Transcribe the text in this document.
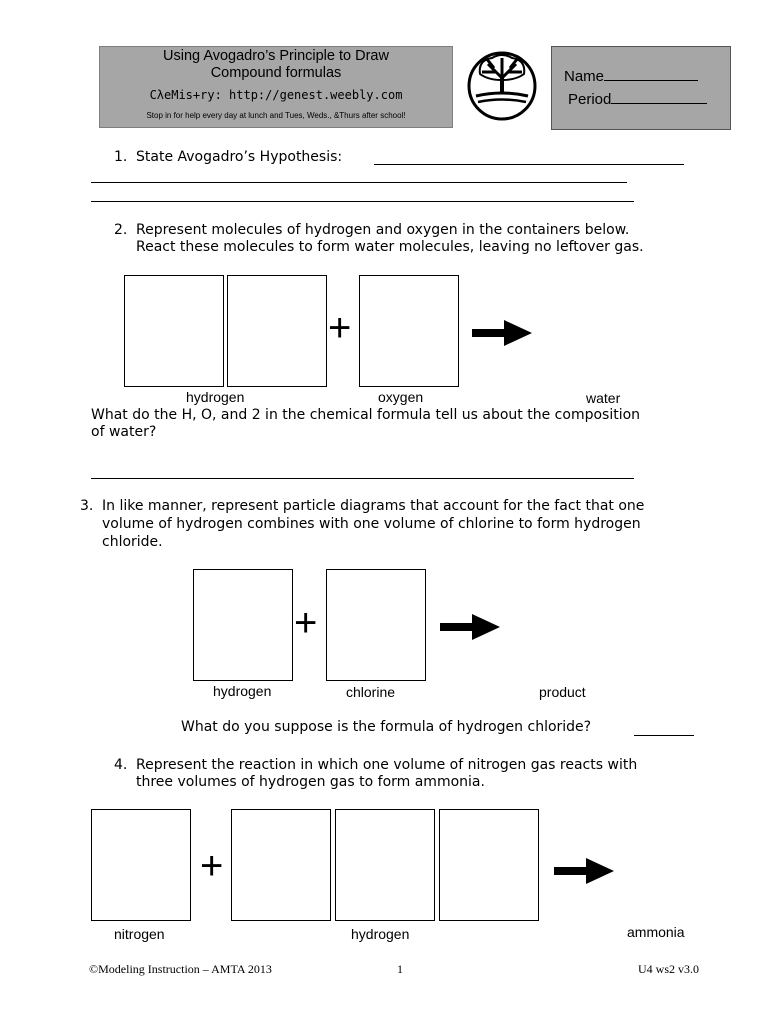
Using Avogadro’s Principle to Draw
Compound formulas
CλeMis+ry: http://genest.weebly.com
Stop in for help every day at lunch and Tues, Weds., &Thurs after school!
Name
Period
1. State Avogadro’s Hypothesis:
2. Represent molecules of hydrogen and oxygen in the containers below.
React these molecules to form water molecules, leaving no leftover gas.
+
hydrogen	oxygen	water
What do the H, O, and 2 in the chemical formula tell us about the composition
of water?
3. In like manner, represent particle diagrams that account for the fact that one
volume of hydrogen combines with one volume of chlorine to form hydrogen
chloride.
+
hydrogen	chlorine	product
What do you suppose is the formula of hydrogen chloride?
4. Represent the reaction in which one volume of nitrogen gas reacts with
three volumes of hydrogen gas to form ammonia.
+
nitrogen	hydrogen	ammonia
©Modeling Instruction – AMTA 2013	1	U4 ws2 v3.0
